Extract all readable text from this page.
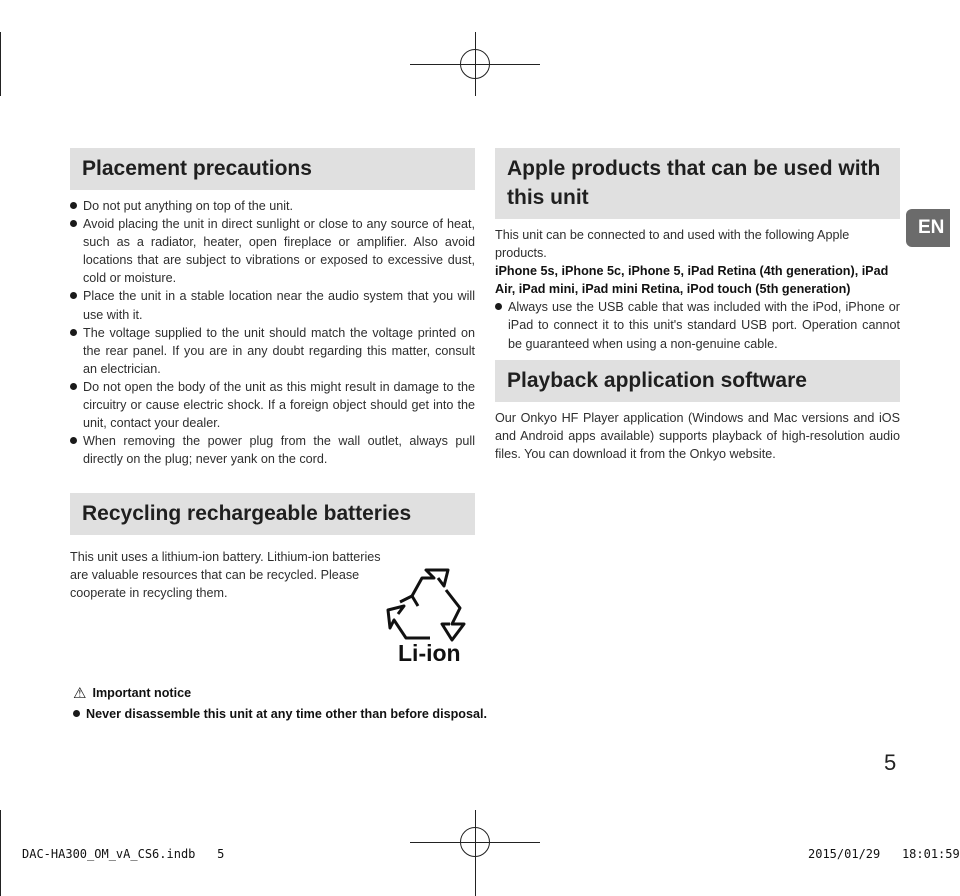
Placement precautions
Do not put anything on top of the unit.
Avoid placing the unit in direct sunlight or close to any source of heat, such as a radiator, heater, open fireplace or amplifier. Also avoid locations that are subject to vibrations or exposed to excessive dust, cold or moisture.
Place the unit in a stable location near the audio system that you will use with it.
The voltage supplied to the unit should match the voltage printed on the rear panel. If you are in any doubt regarding this matter, consult an electrician.
Do not open the body of the unit as this might result in damage to the circuitry or cause electric shock. If a foreign object should get into the unit, contact your dealer.
When removing the power plug from the wall outlet, always pull directly on the plug; never yank on the cord.
Recycling rechargeable batteries
This unit uses a lithium-ion battery. Lithium-ion batteries are valuable resources that can be recycled. Please cooperate in recycling them.
Li-ion
⚠ Important notice
Never disassemble this unit at any time other than before disposal.
Apple products that can be used with this unit

This unit can be connected to and used with the following Apple products.

iPhone 5s, iPhone 5c, iPhone 5, iPad Retina (4th generation), iPad Air, iPad mini, iPad mini Retina, iPod touch (5th generation)

Always use the USB cable that was included with the iPod, iPhone or iPad to connect it to this unit's standard USB port. Operation cannot be guaranteed when using a non-genuine cable.
Playback application software
Our Onkyo HF Player application (Windows and Mac versions and iOS and Android apps available) supports playback of high-resolution audio files. You can download it from the Onkyo website.
EN
5
DAC-HA300_OM_vA_CS6.indb 5	2015/01/29 18:01:59
